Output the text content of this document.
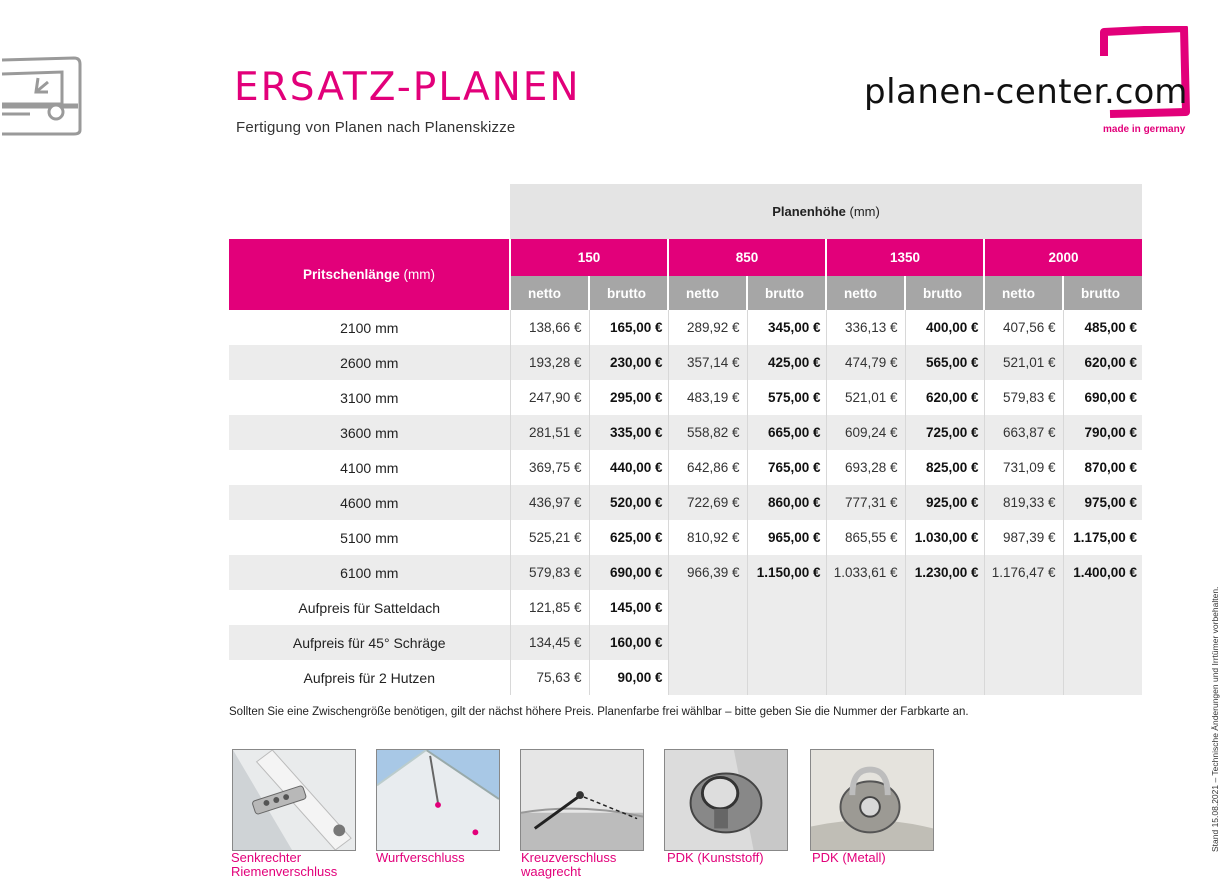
ERSATZ-PLANEN
Fertigung von Planen nach Planenskizze
planen-center
.com
made in germany
	Planenhöhe (mm)							
Pritschenlänge (mm)	150		850		1350		2000	
	netto	brutto	netto	brutto	netto	brutto	netto	brutto
2100 mm	138,66 €	165,00 €	289,92 €	345,00 €	336,13 €	400,00 €	407,56 €	485,00 €
2600 mm	193,28 €	230,00 €	357,14 €	425,00 €	474,79 €	565,00 €	521,01 €	620,00 €
3100 mm	247,90 €	295,00 €	483,19 €	575,00 €	521,01 €	620,00 €	579,83 €	690,00 €
3600 mm	281,51 €	335,00 €	558,82 €	665,00 €	609,24 €	725,00 €	663,87 €	790,00 €
4100 mm	369,75 €	440,00 €	642,86 €	765,00 €	693,28 €	825,00 €	731,09 €	870,00 €
4600 mm	436,97 €	520,00 €	722,69 €	860,00 €	777,31 €	925,00 €	819,33 €	975,00 €
5100 mm	525,21 €	625,00 €	810,92 €	965,00 €	865,55 €	1.030,00 €	987,39 €	1.175,00 €
6100 mm	579,83 €	690,00 €	966,39 €	1.150,00 €	1.033,61 €	1.230,00 €	1.176,47 €	1.400,00 €
Aufpreis für Satteldach	121,85 €	145,00 €						
Aufpreis für 45° Schräge	134,45 €	160,00 €						
Aufpreis für 2 Hutzen	75,63 €	90,00 €						
Sollten Sie eine Zwischengröße benötigen, gilt der nächst höhere Preis. Planenfarbe frei wählbar – bitte geben Sie die Nummer der Farbkarte an.
Senkrechter
Riemenverschluss
Wurfverschluss	Kreuzverschluss
waagrecht
PDK (Kunststoff)	PDK (Metall)
Stand 15.08.2021 – Technische Änderungen und Irrtümer vorbehalten.
